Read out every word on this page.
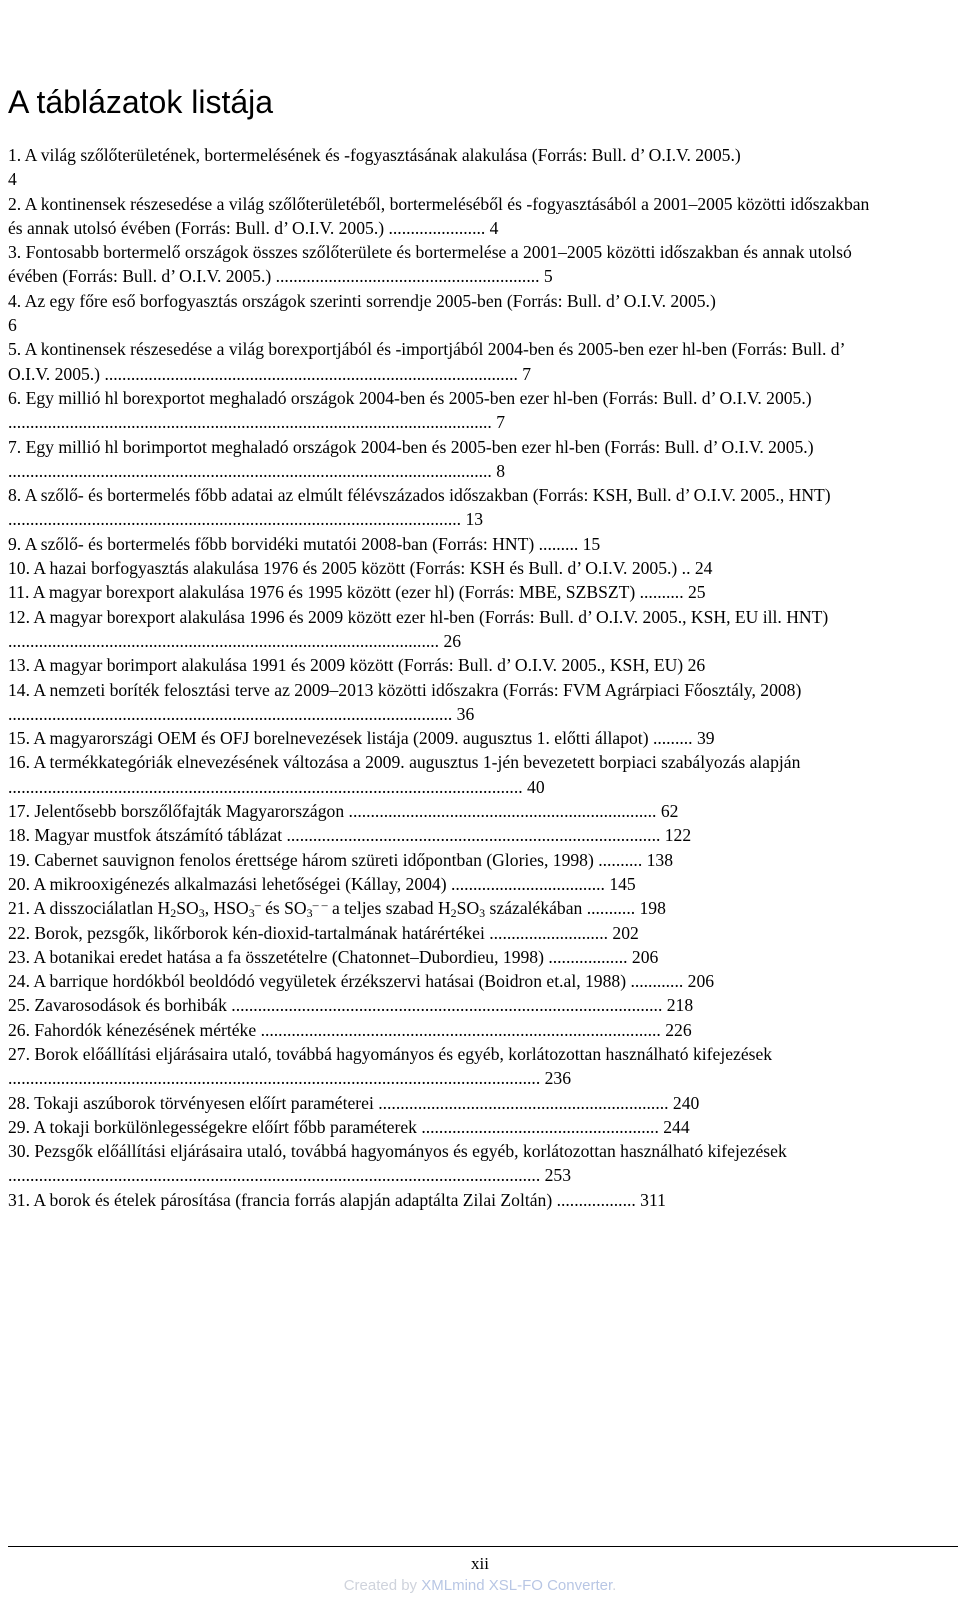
A táblázatok listája
1. A világ szőlőterületének, bortermelésének és -fogyasztásának alakulása (Forrás: Bull. d’ O.I.V. 2005.)
4
2. A kontinensek részesedése a világ szőlőterületéből, bortermeléséből és -fogyasztásából a 2001–2005 közötti időszakban és annak utolsó évében (Forrás: Bull. d’ O.I.V. 2005.) ...................... 4
3. Fontosabb bortermelő országok összes szőlőterülete és bortermelése a 2001–2005 közötti időszakban és annak utolsó évében (Forrás: Bull. d’ O.I.V. 2005.) ............................................................ 5
4. Az egy főre eső borfogyasztás országok szerinti sorrendje 2005-ben (Forrás: Bull. d’ O.I.V. 2005.)
6
5. A kontinensek részesedése a világ borexportjából és -importjából 2004-ben és 2005-ben ezer hl-ben (Forrás: Bull. d’ O.I.V. 2005.) .............................................................................................. 7
6. Egy millió hl borexportot meghaladó országok 2004-ben és 2005-ben ezer hl-ben (Forrás: Bull. d’ O.I.V. 2005.) .............................................................................................................. 7
7. Egy millió hl borimportot meghaladó országok 2004-ben és 2005-ben ezer hl-ben (Forrás: Bull. d’ O.I.V. 2005.) .............................................................................................................. 8
8. A szőlő- és bortermelés főbb adatai az elmúlt félévszázados időszakban (Forrás: KSH, Bull. d’ O.I.V. 2005., HNT) ....................................................................................................... 13
9. A szőlő- és bortermelés főbb borvidéki mutatói 2008-ban (Forrás: HNT) ......... 15
10. A hazai borfogyasztás alakulása 1976 és 2005 között (Forrás: KSH és Bull. d’ O.I.V. 2005.) .. 24
11. A magyar borexport alakulása 1976 és 1995 között (ezer hl) (Forrás: MBE, SZBSZT) .......... 25
12. A magyar borexport alakulása 1996 és 2009 között ezer hl-ben (Forrás: Bull. d’ O.I.V. 2005., KSH, EU ill. HNT) .................................................................................................. 26
13. A magyar borimport alakulása 1991 és 2009 között (Forrás: Bull. d’ O.I.V. 2005., KSH, EU) 26
14. A nemzeti boríték felosztási terve az 2009–2013 közötti időszakra (Forrás: FVM Agrárpiaci Főosztály, 2008) ..................................................................................................... 36
15. A magyarországi OEM és OFJ borelnevezések listája (2009. augusztus 1. előtti állapot) ......... 39
16. A termékkategóriák elnevezésének változása a 2009. augusztus 1-jén bevezetett borpiaci szabályozás alapján ..................................................................................................................... 40
17. Jelentősebb borszőlőfajták Magyarországon ...................................................................... 62
18. Magyar mustfok átszámító táblázat ..................................................................................... 122
19. Cabernet sauvignon fenolos érettsége három szüreti időpontban (Glories, 1998) .......... 138
20. A mikrooxigénezés alkalmazási lehetőségei (Kállay, 2004) ................................... 145
21. A disszociálatlan $H_2SO_3$, $HSO_3^-$ és $SO_3^{- -}$ a teljes szabad $H_2SO_3$ százalékában ........... 198
22. Borok, pezsgők, likőrborok kén-dioxid-tartalmának határértékei ........................... 202
23. A botanikai eredet hatása a fa összetételre (Chatonnet–Dubordieu, 1998) .................. 206
24. A barrique hordókból beoldódó vegyületek érzékszervi hatásai (Boidron et.al, 1988) ............ 206
25. Zavarosodások és borhibák .................................................................................................. 218
26. Fahordók kénezésének mértéke ........................................................................................... 226
27. Borok előállítási eljárásaira utaló, továbbá hagyományos és egyéb, korlátozottan használható kifejezések ......................................................................................................................... 236
28. Tokaji aszúborok törvényesen előírt paraméterei .................................................................. 240
29. A tokaji borkülönlegességekre előírt főbb paraméterek ...................................................... 244
30. Pezsgők előállítási eljárásaira utaló, továbbá hagyományos és egyéb, korlátozottan használható kifejezések ......................................................................................................................... 253
31. A borok és ételek párosítása (francia forrás alapján adaptálta Zilai Zoltán) .................. 311
xii
Created by XMLmind XSL-FO Converter.
